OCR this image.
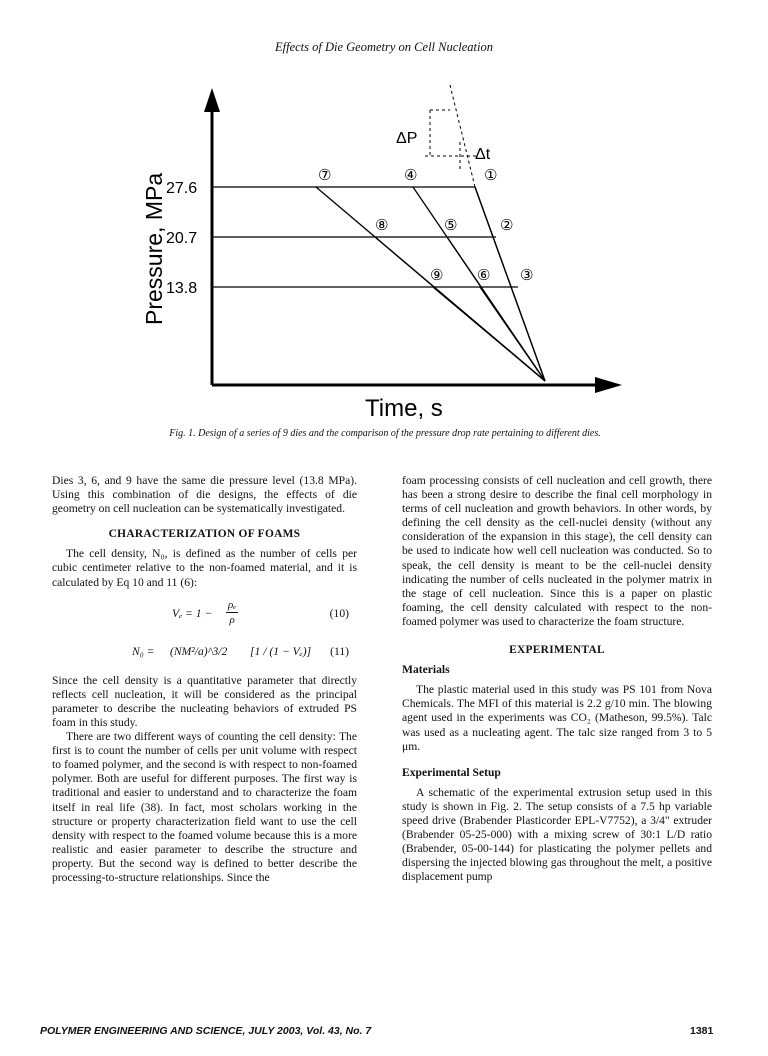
Effects of Die Geometry on Cell Nucleation
ΔP
Δt
27.6
20.7
13.8
Pressure, MPa
Time, s
⑦	④	①
⑧	⑤	②
⑨ ⑥ ③
Fig. 1. Design of a series of 9 dies and the comparison of the pressure drop rate pertaining to different dies.

Dies 3, 6, and 9 have the same die pressure level (13.8 MPa). Using this combination of die designs, the effects of die geometry on cell nucleation can be systematically investigated.

CHARACTERIZATION OF FOAMS

The cell density, N₀, is defined as the number of cells per cubic centimeter relative to the non-foamed material, and it is calculated by Eq 10 and 11 (6):

$V_e = 1 - \frac{\text{ρₑ}}{\rho}$	(10)
N₀ = (NM²/a)^3/2 [1 / (1 − Vₑ)] (11)

Since the cell density is a quantitative parameter that directly reflects cell nucleation, it will be considered as the principal parameter to describe the nucleating behaviors of extruded PS foam in this study.

There are two different ways of counting the cell density: The first is to count the number of cells per unit volume with respect to foamed polymer, and the second is with respect to non-foamed polymer. Both are useful for different purposes. The first way is traditional and easier to understand and to characterize the foam itself in real life (38). In fact, most scholars working in the structure or property characterization field want to use the cell density with respect to the foamed volume because this is a more realistic and easier parameter to describe the structure and property. But the second way is defined to better describe the processing-to-structure relationships. Since the

foam processing consists of cell nucleation and cell growth, there has been a strong desire to describe the final cell morphology in terms of cell nucleation and growth behaviors. In other words, by defining the cell density as the cell-nuclei density (without any consideration of the expansion in this stage), the cell density can be used to indicate how well cell nucleation was conducted. So to speak, the cell density is meant to be the cell-nuclei density indicating the number of cells nucleated in the polymer matrix in the stage of cell nucleation. Since this is a paper on plastic foaming, the cell density calculated with respect to the non-foamed polymer was used to characterize the foam structure.

EXPERIMENTAL
Materials

The plastic material used in this study was PS 101 from Nova Chemicals. The MFI of this material is 2.2 g/10 min. The blowing agent used in the experiments was CO₂ (Matheson, 99.5%). Talc was used as a nucleating agent. The talc size ranged from 3 to 5 μm.

Experimental Setup

A schematic of the experimental extrusion setup used in this study is shown in Fig. 2. The setup consists of a 7.5 hp variable speed drive (Brabender Plasticorder EPL-V7752), a 3/4" extruder (Brabender 05-25-000) with a mixing screw of 30:1 L/D ratio (Brabender, 05-00-144) for plasticating the polymer pellets and dispersing the injected blowing gas throughout the melt, a positive displacement pump

POLYMER ENGINEERING AND SCIENCE, JULY 2003, Vol. 43, No. 7	1381
